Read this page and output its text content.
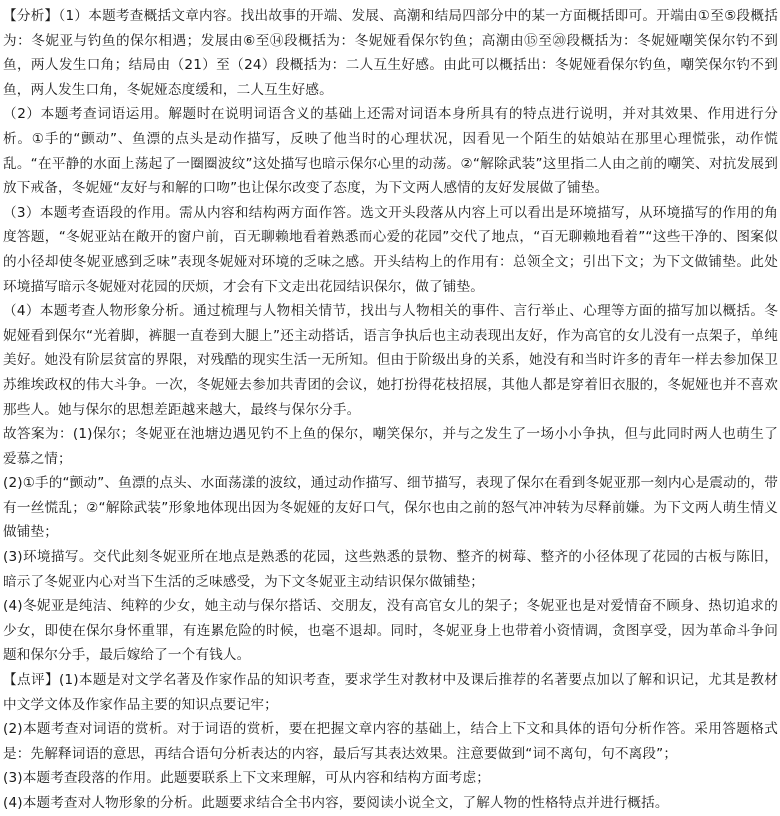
【分析】（1）本题考查概括文章内容。找出故事的开端、发展、高潮和结局四部分中的某一方面概括即可。开端由①至⑤段概括为：冬妮亚与钓鱼的保尔相遇；发展由⑥至⑭段概括为：冬妮娅看保尔钓鱼；高潮由⑮至⑳段概括为：冬妮娅嘲笑保尔钓不到鱼，两人发生口角；结局由（21）至（24）段概括为：二人互生好感。由此可以概括出：冬妮娅看保尔钓鱼，嘲笑保尔钓不到鱼，两人发生口角，冬妮娅态度缓和，二人互生好感。

（2）本题考查词语运用。解题时在说明词语含义的基础上还需对词语本身所具有的特点进行说明，并对其效果、作用进行分析。①手的“颤动”、鱼漂的点头是动作描写，反映了他当时的心理状况，因看见一个陌生的姑娘站在那里心理慌张，动作慌乱。“在平静的水面上荡起了一圈圈波纹”这处描写也暗示保尔心里的动荡。②“解除武装”这里指二人由之前的嘲笑、对抗发展到放下戒备，冬妮娅“友好与和解的口吻”也让保尔改变了态度，为下文两人感情的友好发展做了铺垫。

（3）本题考查语段的作用。需从内容和结构两方面作答。选文开头段落从内容上可以看出是环境描写，从环境描写的作用的角度答题，“冬妮亚站在敞开的窗户前，百无聊赖地看着熟悉而心爱的花园”交代了地点，“百无聊赖地看着”“这些干净的、图案似的小径却使冬妮亚感到乏味”表现冬妮娅对环境的乏味之感。开头结构上的作用有：总领全文；引出下文；为下文做铺垫。此处环境描写暗示冬妮娅对花园的厌烦，才会有下文走出花园结识保尔，做了铺垫。

（4）本题考查人物形象分析。通过梳理与人物相关情节，找出与人物相关的事件、言行举止、心理等方面的描写加以概括。冬妮娅看到保尔“光着脚，裤腿一直卷到大腿上”还主动搭话，语言争执后也主动表现出友好，作为高官的女儿没有一点架子，单纯美好。她没有阶层贫富的界限，对残酷的现实生活一无所知。但由于阶级出身的关系，她没有和当时许多的青年一样去参加保卫苏维埃政权的伟大斗争。一次，冬妮娅去参加共青团的会议，她打扮得花枝招展，其他人都是穿着旧衣服的，冬妮娅也并不喜欢那些人。她与保尔的思想差距越来越大，最终与保尔分手。

故答案为：(1)保尔；冬妮亚在池塘边遇见钓不上鱼的保尔，嘲笑保尔，并与之发生了一场小小争执，但与此同时两人也萌生了爱慕之情；

(2)①手的“颤动”、鱼漂的点头、水面荡漾的波纹，通过动作描写、细节描写，表现了保尔在看到冬妮亚那一刻内心是震动的，带有一丝慌乱；②“解除武装”形象地体现出因为冬妮娅的友好口气，保尔也由之前的怒气冲冲转为尽释前嫌。为下文两人萌生情义做铺垫；

(3)环境描写。交代此刻冬妮亚所在地点是熟悉的花园，这些熟悉的景物、整齐的树莓、整齐的小径体现了花园的古板与陈旧，暗示了冬妮亚内心对当下生活的乏味感受，为下文冬妮亚主动结识保尔做铺垫；

(4)冬妮亚是纯洁、纯粹的少女，她主动与保尔搭话、交朋友，没有高官女儿的架子；冬妮亚也是对爱情奋不顾身、热切追求的少女，即使在保尔身怀重罪，有连累危险的时候，也毫不退却。同时，冬妮亚身上也带着小资情调，贪图享受，因为革命斗争问题和保尔分手，最后嫁给了一个有钱人。

【点评】(1)本题是对文学名著及作家作品的知识考查，要求学生对教材中及课后推荐的名著要点加以了解和识记，尤其是教材中文学文体及作家作品主要的知识点要记牢；

(2)本题考查对词语的赏析。对于词语的赏析，要在把握文章内容的基础上，结合上下文和具体的语句分析作答。采用答题格式是：先解释词语的意思，再结合语句分析表达的内容，最后写其表达效果。注意要做到“词不离句，句不离段”；

(3)本题考查段落的作用。此题要联系上下文来理解，可从内容和结构方面考虑；

(4)本题考查对人物形象的分析。此题要求结合全书内容，要阅读小说全文，了解人物的性格特点并进行概括。
